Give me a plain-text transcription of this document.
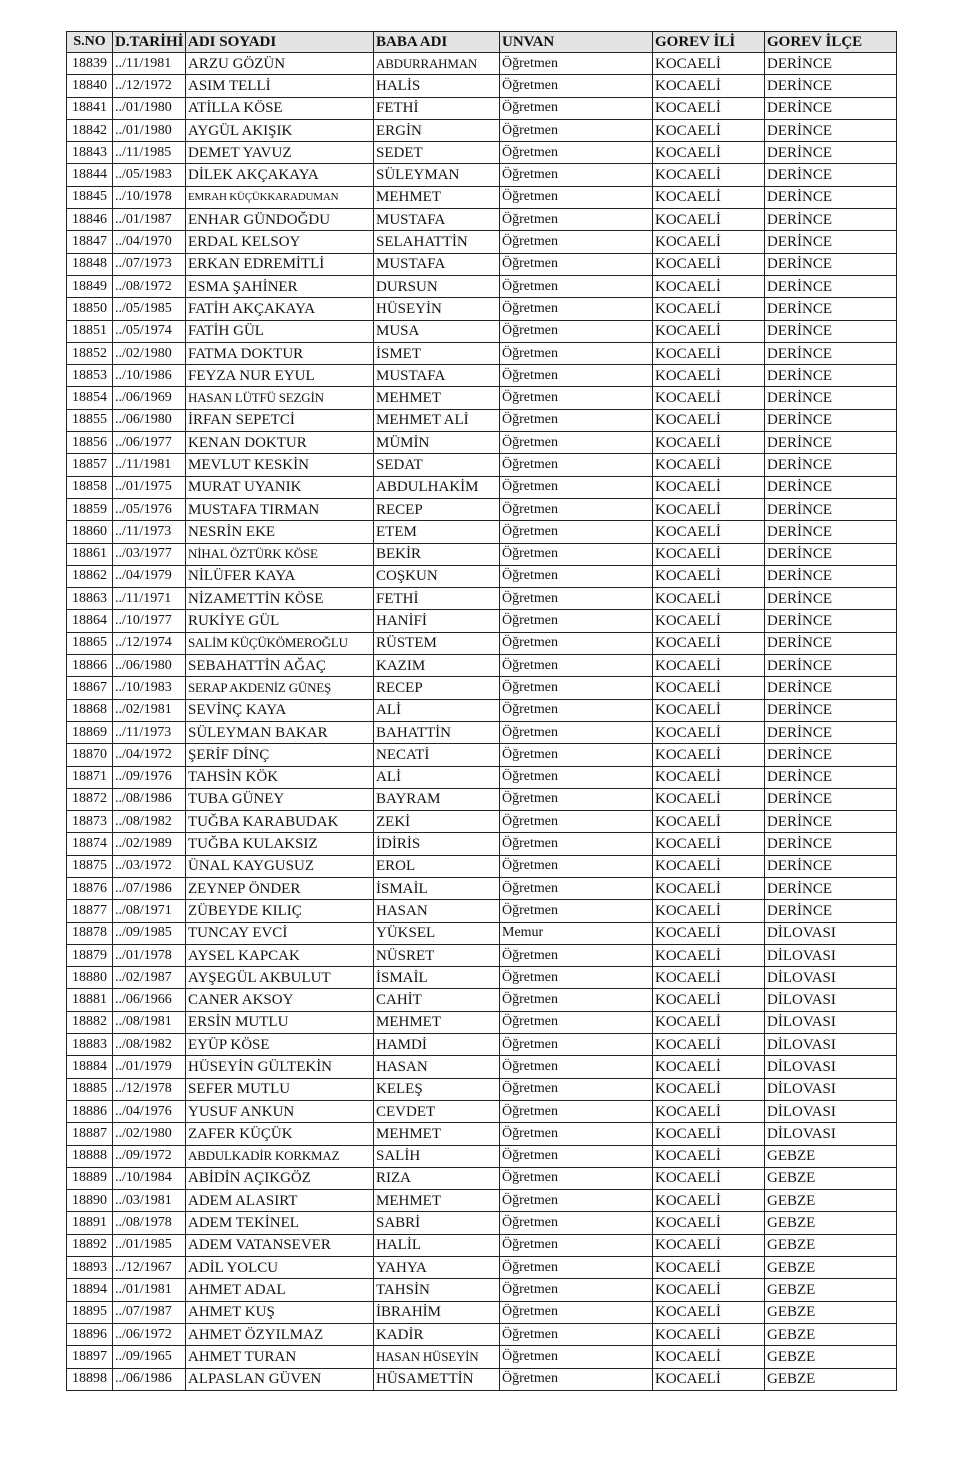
S.NO	D.TARİHİ	ADI SOYADI	BABA ADI	UNVAN	GOREV İLİ	GOREV İLÇE
18839	../11/1981	ARZU GÖZÜN	ABDURRAHMAN	Öğretmen	KOCAELİ	DERİNCE
18840	../12/1972	ASIM TELLİ	HALİS	Öğretmen	KOCAELİ	DERİNCE
18841	../01/1980	ATİLLA KÖSE	FETHİ	Öğretmen	KOCAELİ	DERİNCE
18842	../01/1980	AYGÜL AKIŞIK	ERGİN	Öğretmen	KOCAELİ	DERİNCE
18843	../11/1985	DEMET YAVUZ	SEDET	Öğretmen	KOCAELİ	DERİNCE
18844	../05/1983	DİLEK AKÇAKAYA	SÜLEYMAN	Öğretmen	KOCAELİ	DERİNCE
18845	../10/1978	EMRAH KÜÇÜKKARADUMAN	MEHMET	Öğretmen	KOCAELİ	DERİNCE
18846	../01/1987	ENHAR GÜNDOĞDU	MUSTAFA	Öğretmen	KOCAELİ	DERİNCE
18847	../04/1970	ERDAL KELSOY	SELAHATTİN	Öğretmen	KOCAELİ	DERİNCE
18848	../07/1973	ERKAN EDREMİTLİ	MUSTAFA	Öğretmen	KOCAELİ	DERİNCE
18849	../08/1972	ESMA ŞAHİNER	DURSUN	Öğretmen	KOCAELİ	DERİNCE
18850	../05/1985	FATİH AKÇAKAYA	HÜSEYİN	Öğretmen	KOCAELİ	DERİNCE
18851	../05/1974	FATİH GÜL	MUSA	Öğretmen	KOCAELİ	DERİNCE
18852	../02/1980	FATMA DOKTUR	İSMET	Öğretmen	KOCAELİ	DERİNCE
18853	../10/1986	FEYZA NUR EYUL	MUSTAFA	Öğretmen	KOCAELİ	DERİNCE
18854	../06/1969	HASAN LÜTFÜ SEZGİN	MEHMET	Öğretmen	KOCAELİ	DERİNCE
18855	../06/1980	İRFAN SEPETCİ	MEHMET ALİ	Öğretmen	KOCAELİ	DERİNCE
18856	../06/1977	KENAN DOKTUR	MÜMİN	Öğretmen	KOCAELİ	DERİNCE
18857	../11/1981	MEVLUT KESKİN	SEDAT	Öğretmen	KOCAELİ	DERİNCE
18858	../01/1975	MURAT UYANIK	ABDULHAKİM	Öğretmen	KOCAELİ	DERİNCE
18859	../05/1976	MUSTAFA TIRMAN	RECEP	Öğretmen	KOCAELİ	DERİNCE
18860	../11/1973	NESRİN EKE	ETEM	Öğretmen	KOCAELİ	DERİNCE
18861	../03/1977	NİHAL ÖZTÜRK KÖSE	BEKİR	Öğretmen	KOCAELİ	DERİNCE
18862	../04/1979	NİLÜFER KAYA	COŞKUN	Öğretmen	KOCAELİ	DERİNCE
18863	../11/1971	NİZAMETTİN KÖSE	FETHİ	Öğretmen	KOCAELİ	DERİNCE
18864	../10/1977	RUKİYE GÜL	HANİFİ	Öğretmen	KOCAELİ	DERİNCE
18865	../12/1974	SALİM KÜÇÜKÖMEROĞLU	RÜSTEM	Öğretmen	KOCAELİ	DERİNCE
18866	../06/1980	SEBAHATTİN AĞAÇ	KAZIM	Öğretmen	KOCAELİ	DERİNCE
18867	../10/1983	SERAP AKDENİZ GÜNEŞ	RECEP	Öğretmen	KOCAELİ	DERİNCE
18868	../02/1981	SEVİNÇ KAYA	ALİ	Öğretmen	KOCAELİ	DERİNCE
18869	../11/1973	SÜLEYMAN BAKAR	BAHATTİN	Öğretmen	KOCAELİ	DERİNCE
18870	../04/1972	ŞERİF DİNÇ	NECATİ	Öğretmen	KOCAELİ	DERİNCE
18871	../09/1976	TAHSİN KÖK	ALİ	Öğretmen	KOCAELİ	DERİNCE
18872	../08/1986	TUBA GÜNEY	BAYRAM	Öğretmen	KOCAELİ	DERİNCE
18873	../08/1982	TUĞBA KARABUDAK	ZEKİ	Öğretmen	KOCAELİ	DERİNCE
18874	../02/1989	TUĞBA KULAKSIZ	İDİRİS	Öğretmen	KOCAELİ	DERİNCE
18875	../03/1972	ÜNAL KAYGUSUZ	EROL	Öğretmen	KOCAELİ	DERİNCE
18876	../07/1986	ZEYNEP ÖNDER	İSMAİL	Öğretmen	KOCAELİ	DERİNCE
18877	../08/1971	ZÜBEYDE KILIÇ	HASAN	Öğretmen	KOCAELİ	DERİNCE
18878	../09/1985	TUNCAY EVCİ	YÜKSEL	Memur	KOCAELİ	DİLOVASI
18879	../01/1978	AYSEL KAPCAK	NÜSRET	Öğretmen	KOCAELİ	DİLOVASI
18880	../02/1987	AYŞEGÜL AKBULUT	İSMAİL	Öğretmen	KOCAELİ	DİLOVASI
18881	../06/1966	CANER AKSOY	CAHİT	Öğretmen	KOCAELİ	DİLOVASI
18882	../08/1981	ERSİN MUTLU	MEHMET	Öğretmen	KOCAELİ	DİLOVASI
18883	../08/1982	EYÜP KÖSE	HAMDİ	Öğretmen	KOCAELİ	DİLOVASI
18884	../01/1979	HÜSEYİN GÜLTEKİN	HASAN	Öğretmen	KOCAELİ	DİLOVASI
18885	../12/1978	SEFER MUTLU	KELEŞ	Öğretmen	KOCAELİ	DİLOVASI
18886	../04/1976	YUSUF ANKUN	CEVDET	Öğretmen	KOCAELİ	DİLOVASI
18887	../02/1980	ZAFER KÜÇÜK	MEHMET	Öğretmen	KOCAELİ	DİLOVASI
18888	../09/1972	ABDULKADİR KORKMAZ	SALİH	Öğretmen	KOCAELİ	GEBZE
18889	../10/1984	ABİDİN AÇIKGÖZ	RIZA	Öğretmen	KOCAELİ	GEBZE
18890	../03/1981	ADEM ALASIRT	MEHMET	Öğretmen	KOCAELİ	GEBZE
18891	../08/1978	ADEM TEKİNEL	SABRİ	Öğretmen	KOCAELİ	GEBZE
18892	../01/1985	ADEM VATANSEVER	HALİL	Öğretmen	KOCAELİ	GEBZE
18893	../12/1967	ADİL YOLCU	YAHYA	Öğretmen	KOCAELİ	GEBZE
18894	../01/1981	AHMET ADAL	TAHSİN	Öğretmen	KOCAELİ	GEBZE
18895	../07/1987	AHMET KUŞ	İBRAHİM	Öğretmen	KOCAELİ	GEBZE
18896	../06/1972	AHMET ÖZYILMAZ	KADİR	Öğretmen	KOCAELİ	GEBZE
18897	../09/1965	AHMET TURAN	HASAN HÜSEYİN	Öğretmen	KOCAELİ	GEBZE
18898	../06/1986	ALPASLAN GÜVEN	HÜSAMETTİN	Öğretmen	KOCAELİ	GEBZE
